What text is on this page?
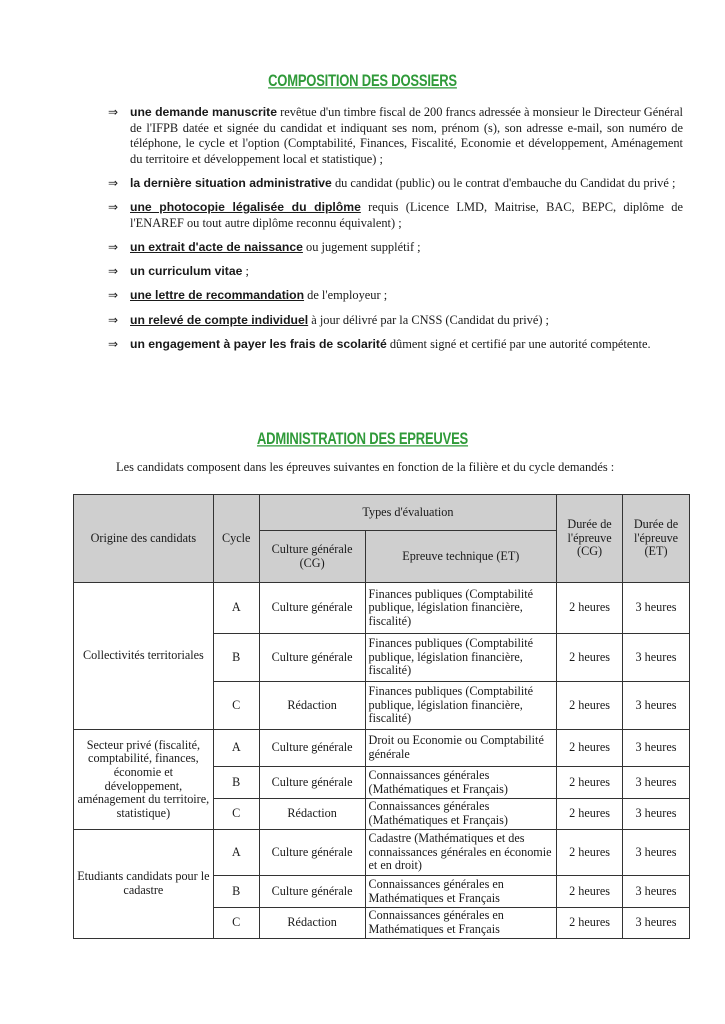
COMPOSITION DES DOSSIERS
⇒ une demande manuscrite revêtue d'un timbre fiscal de 200 francs adressée à monsieur le Directeur Général de l'IFPB datée et signée du candidat et indiquant ses nom, prénom (s), son adresse e-mail, son numéro de téléphone, le cycle et l'option (Comptabilité, Finances, Fiscalité, Economie et développement, Aménagement du territoire et développement local et statistique) ;
⇒ la dernière situation administrative du candidat (public) ou le contrat d'embauche du Candidat du privé ;
⇒ une photocopie légalisée du diplôme requis (Licence LMD, Maitrise, BAC, BEPC, diplôme de l'ENAREF ou tout autre diplôme reconnu équivalent) ;
⇒ un extrait d'acte de naissance ou jugement supplétif ;
⇒ un curriculum vitae ;
⇒ une lettre de recommandation de l'employeur ;
⇒ un relevé de compte individuel à jour délivré par la CNSS (Candidat du privé) ;
⇒ un engagement à payer les frais de scolarité dûment signé et certifié par une autorité compétente.
ADMINISTRATION DES EPREUVES
Les candidats composent dans les épreuves suivantes en fonction de la filière et du cycle demandés :
Origine des candidats	Cycle	Types d'évaluation		Durée de l'épreuve (CG)	Durée de l'épreuve (ET)
		Culture générale (CG)	Epreuve technique (ET)		
Collectivités territoriales	A	Culture générale	Finances publiques (Comptabilité publique, législation financière, fiscalité)	2 heures	3 heures
	B	Culture générale	Finances publiques (Comptabilité publique, législation financière, fiscalité)	2 heures	3 heures
	C	Rédaction	Finances publiques (Comptabilité publique, législation financière, fiscalité)	2 heures	3 heures
Secteur privé (fiscalité, comptabilité, finances, économie et développement, aménagement du territoire, statistique)	A	Culture générale	Droit ou Economie ou Comptabilité générale	2 heures	3 heures
	B	Culture générale	Connaissances générales (Mathématiques et Français)	2 heures	3 heures
	C	Rédaction	Connaissances générales (Mathématiques et Français)	2 heures	3 heures
Etudiants candidats pour le cadastre	A	Culture générale	Cadastre (Mathématiques et des connaissances générales en économie et en droit)	2 heures	3 heures
	B	Culture générale	Connaissances générales en Mathématiques et Français	2 heures	3 heures
	C	Rédaction	Connaissances générales en Mathématiques et Français	2 heures	3 heures
